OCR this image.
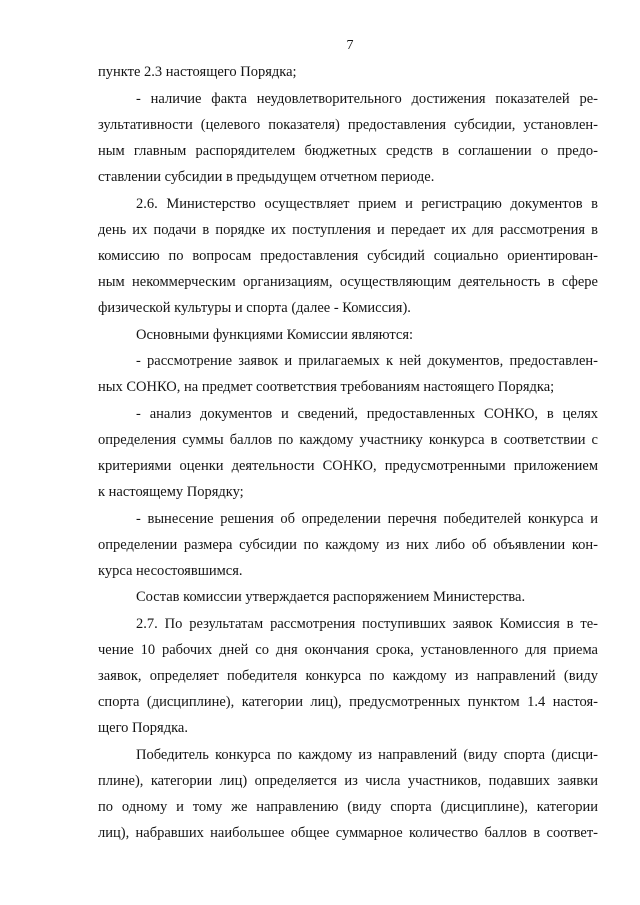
7
пункте 2.3 настоящего Порядка;
- наличие факта неудовлетворительного достижения показателей ре-
зультативности (целевого показателя) предоставления субсидии, установлен-
ным главным распорядителем бюджетных средств в соглашении о предо-
ставлении субсидии в предыдущем отчетном периоде.
2.6. Министерство осуществляет прием и регистрацию документов в
день их подачи в порядке их поступления и передает их для рассмотрения в
комиссию по вопросам предоставления субсидий социально ориентирован-
ным некоммерческим организациям, осуществляющим деятельность в сфере
физической культуры и спорта (далее - Комиссия).
Основными функциями Комиссии являются:
- рассмотрение заявок и прилагаемых к ней документов, предоставлен-
ных СОНКО, на предмет соответствия требованиям настоящего Порядка;
- анализ документов и сведений, предоставленных СОНКО, в целях
определения суммы баллов по каждому участнику конкурса в соответствии с
критериями оценки деятельности СОНКО, предусмотренными приложением
к настоящему Порядку;
- вынесение решения об определении перечня победителей конкурса и
определении размера субсидии по каждому из них либо об объявлении кон-
курса несостоявшимся.
Состав комиссии утверждается распоряжением Министерства.
2.7. По результатам рассмотрения поступивших заявок Комиссия в те-
чение 10 рабочих дней со дня окончания срока, установленного для приема
заявок, определяет победителя конкурса по каждому из направлений (виду
спорта (дисциплине), категории лиц), предусмотренных пунктом 1.4 настоя-
щего Порядка.
Победитель конкурса по каждому из направлений (виду спорта (дисци-
плине), категории лиц) определяется из числа участников, подавших заявки
по одному и тому же направлению (виду спорта (дисциплине), категории
лиц), набравших наибольшее общее суммарное количество баллов в соответ-
